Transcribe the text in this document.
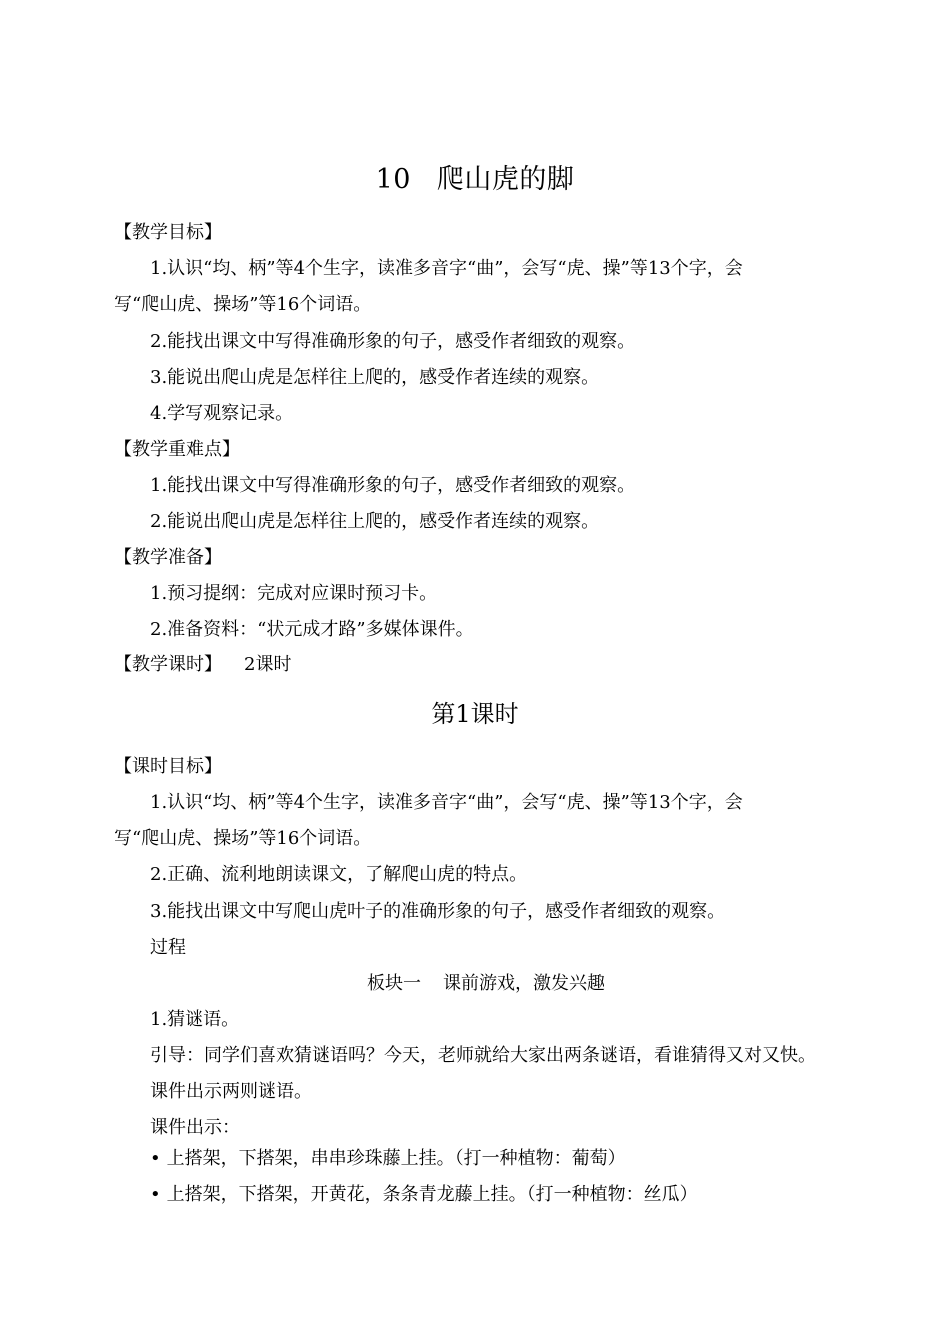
10 爬山虎的脚
【教学目标】
1.认识“均、柄”等4个生字，读准多音字“曲”，会写“虎、操”等13个字，会
写“爬山虎、操场”等16个词语。
2.能找出课文中写得准确形象的句子，感受作者细致的观察。
3.能说出爬山虎是怎样往上爬的，感受作者连续的观察。
4.学写观察记录。
【教学重难点】
1.能找出课文中写得准确形象的句子，感受作者细致的观察。
2.能说出爬山虎是怎样往上爬的，感受作者连续的观察。
【教学准备】
1.预习提纲：完成对应课时预习卡。
2.准备资料：“状元成才路”多媒体课件。
【教学课时】 2课时
第1课时
【课时目标】
1.认识“均、柄”等4个生字，读准多音字“曲”，会写“虎、操”等13个字，会
写“爬山虎、操场”等16个词语。
2.正确、流利地朗读课文，了解爬山虎的特点。
3.能找出课文中写爬山虎叶子的准确形象的句子，感受作者细致的观察。
过程
板块一 课前游戏，激发兴趣
1.猜谜语。
引导：同学们喜欢猜谜语吗？今天，老师就给大家出两条谜语，看谁猜得又对又快。
课件出示两则谜语。
课件出示：
• 上搭架，下搭架，串串珍珠藤上挂。（打一种植物：葡萄）
• 上搭架，下搭架，开黄花，条条青龙藤上挂。（打一种植物：丝瓜）
